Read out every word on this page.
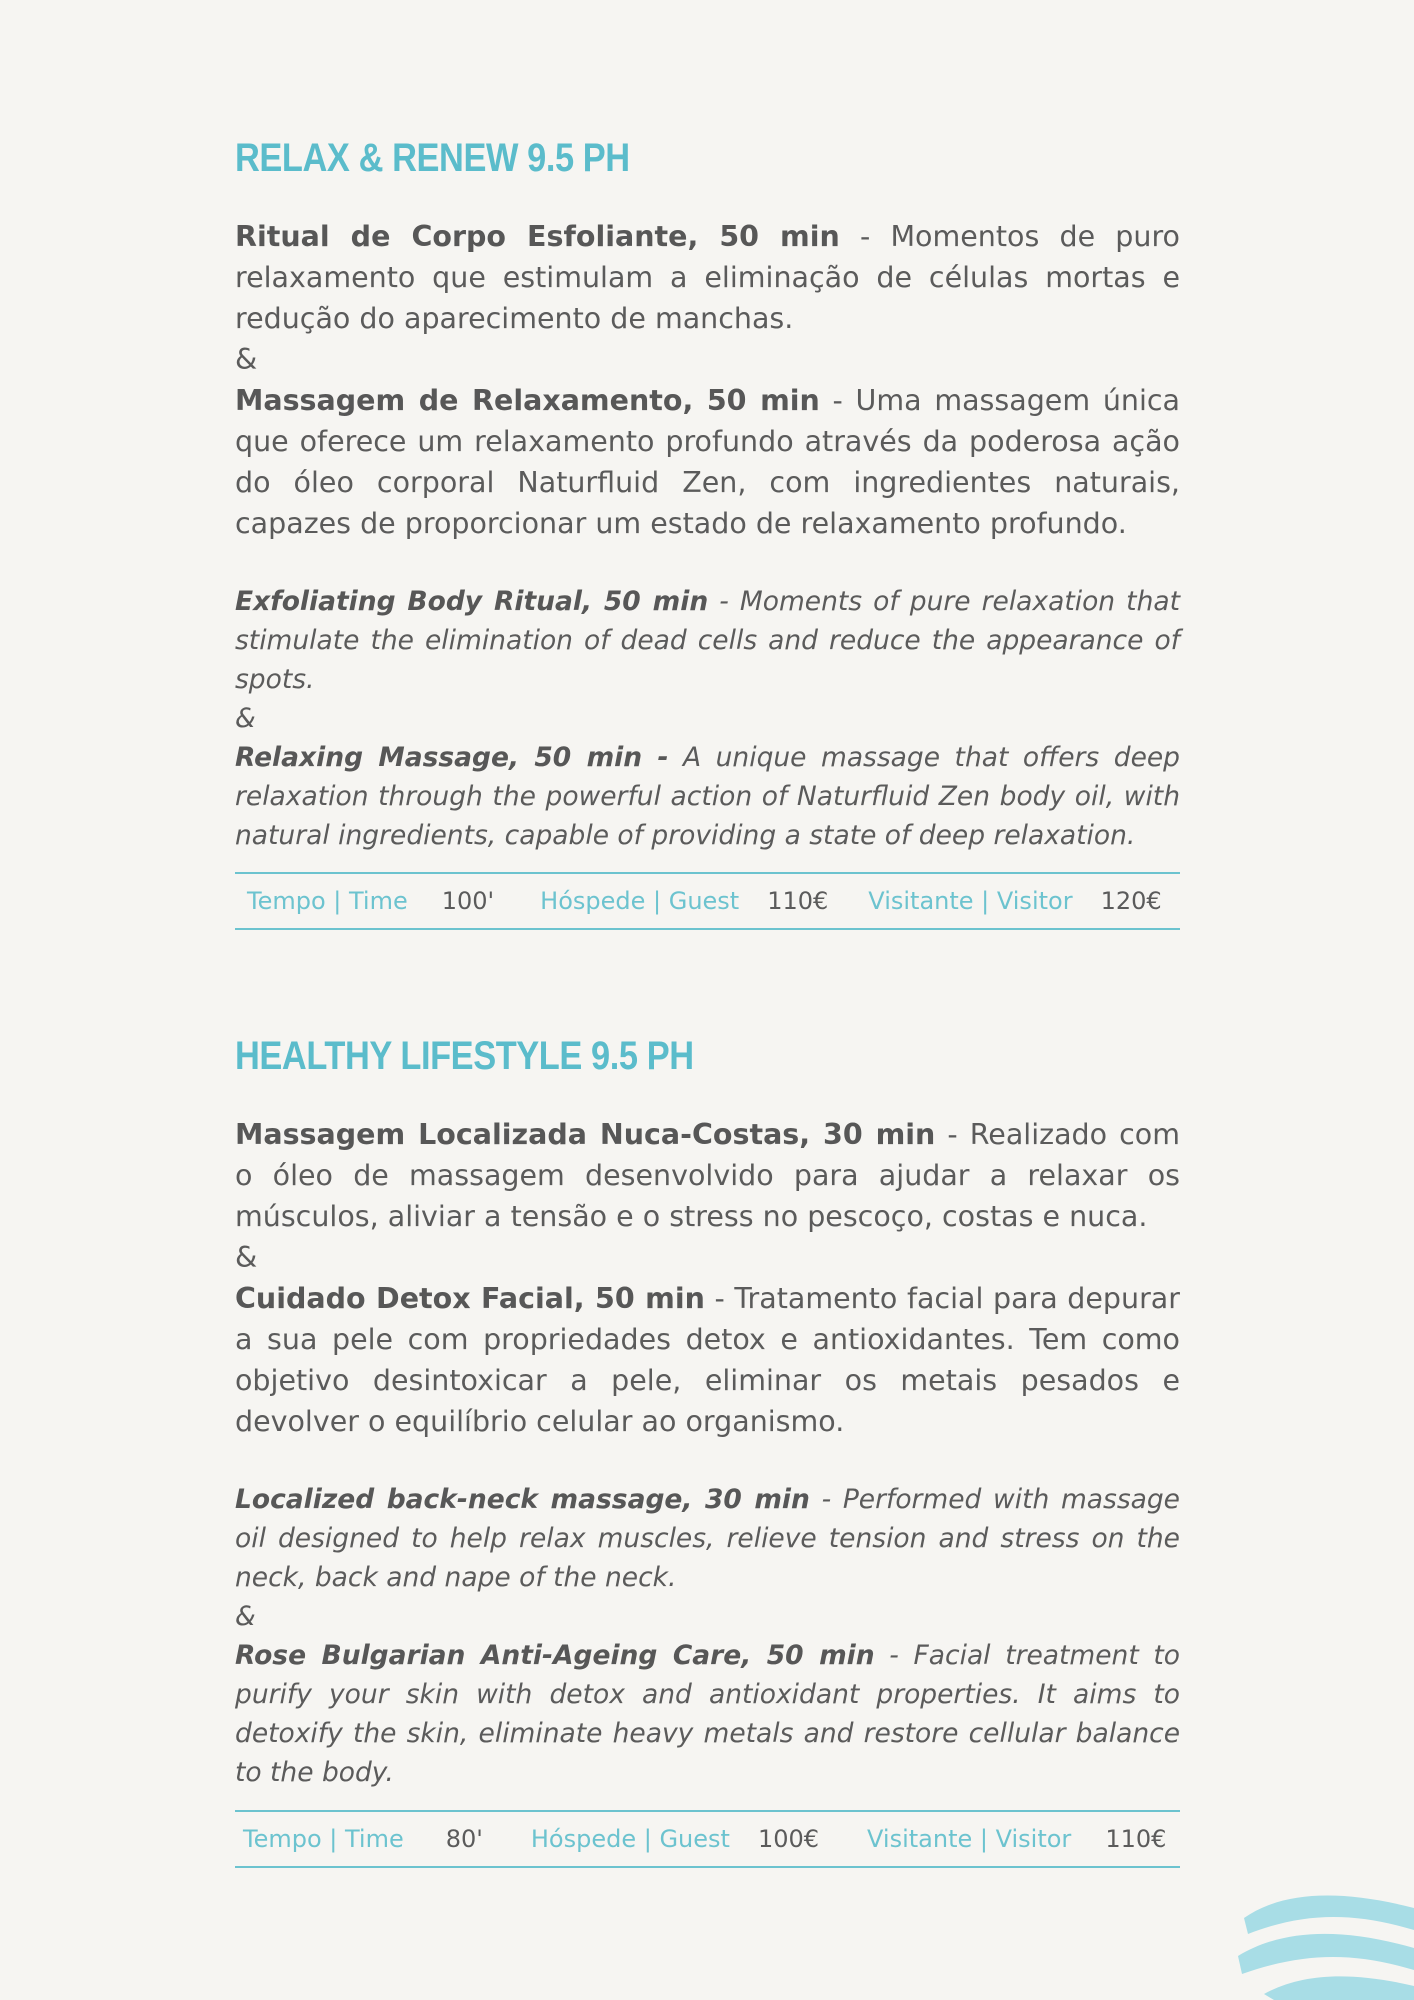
RELAX & RENEW 9.5 PH

Ritual de Corpo Esfoliante, 50 min - Momentos de puro relaxamento que estimulam a eliminação de células mortas e redução do aparecimento de manchas.

&

Massagem de Relaxamento, 50 min - Uma massagem única que oferece um relaxamento profundo através da poderosa ação do óleo corporal Naturfluid Zen, com ingredientes naturais, capazes de proporcionar um estado de relaxamento profundo.

Exfoliating Body Ritual, 50 min - Moments of pure relaxation that stimulate the elimination of dead cells and reduce the appearance of spots.

&

Relaxing Massage, 50 min - A unique massage that offers deep relaxation through the powerful action of Naturfluid Zen body oil, with natural ingredients, capable of providing a state of deep relaxation.

Tempo | Time 100' Hóspede | Guest 110€ Visitante | Visitor 120€
HEALTHY LIFESTYLE 9.5 PH

Massagem Localizada Nuca-Costas, 30 min - Realizado com o óleo de massagem desenvolvido para ajudar a relaxar os músculos, aliviar a tensão e o stress no pescoço, costas e nuca.

&

Cuidado Detox Facial, 50 min - Tratamento facial para depurar a sua pele com propriedades detox e antioxidantes. Tem como objetivo desintoxicar a pele, eliminar os metais pesados e devolver o equilíbrio celular ao organismo.

Localized back-neck massage, 30 min - Performed with massage oil designed to help relax muscles, relieve tension and stress on the neck, back and nape of the neck.

&

Rose Bulgarian Anti-Ageing Care, 50 min - Facial treatment to purify your skin with detox and antioxidant properties. It aims to detoxify the skin, eliminate heavy metals and restore cellular balance to the body.

Tempo | Time 80' Hóspede | Guest 100€ Visitante | Visitor 110€
